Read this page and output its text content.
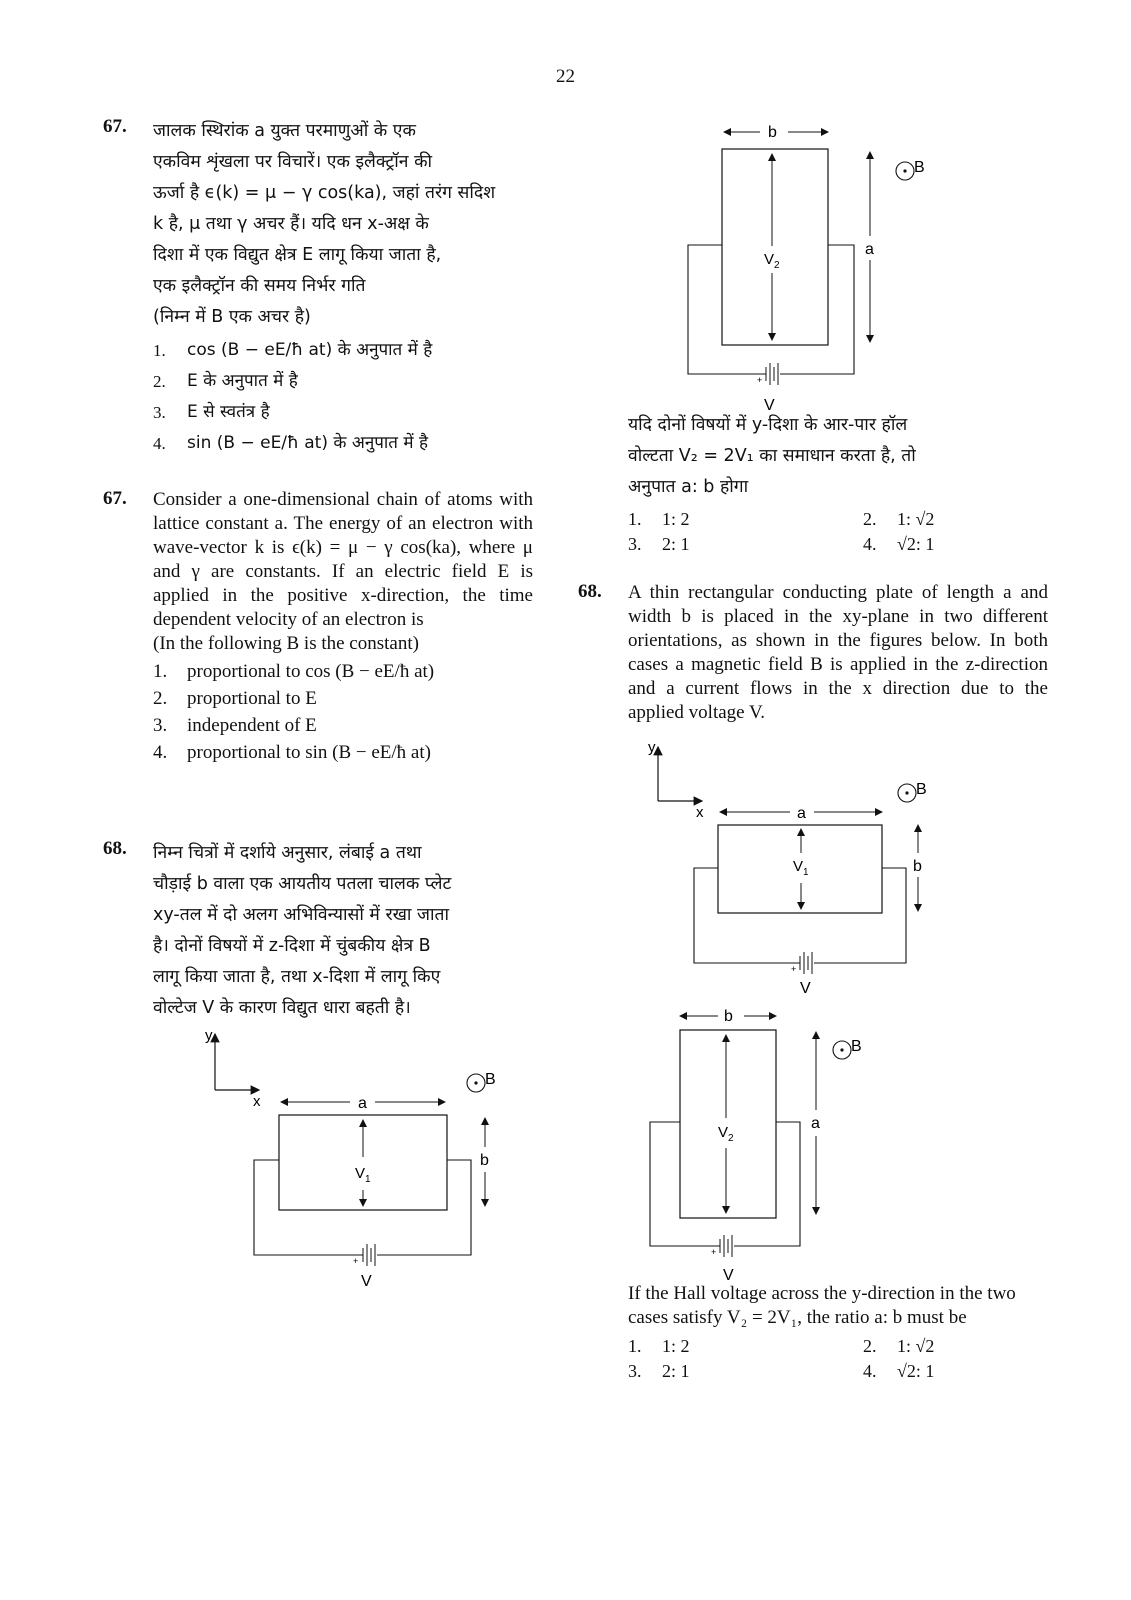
22
67. जालक स्थिरांक a युक्त परमाणुओं के एक
एकविम शृंखला पर विचारें। एक इलैक्ट्रॉन की
ऊर्जा है ϵ(k) = μ − γ cos(ka), जहां तरंग सदिश
k है, μ तथा γ अचर हैं। यदि धन x-अक्ष के
दिशा में एक विद्युत क्षेत्र E लागू किया जाता है,
एक इलैक्ट्रॉन की समय निर्भर गति
(निम्न में B एक अचर है)
1.	cos (B − eE/ħ at) के अनुपात में है
2.	E के अनुपात में है
3.	E से स्वतंत्र है
4.	sin (B − eE/ħ at) के अनुपात में है
67. Consider a one-dimensional chain of atoms with lattice constant a. The energy of an electron with wave-vector k is ϵ(k) = μ − γ cos(ka), where μ and γ are constants. If an electric field E is applied in the positive x-direction, the time dependent velocity of an electron is
(In the following B is the constant)
1.	proportional to cos (B − eE/ħ at)
2.	proportional to E
3.	independent of E
4.	proportional to sin (B − eE/ħ at)
68. निम्न चित्रों में दर्शाये अनुसार, लंबाई a तथा
चौड़ाई b वाला एक आयतीय पतला चालक प्लेट
xy-तल में दो अलग अभिविन्यासों में रखा जाता
है। दोनों विषयों में z-दिशा में चुंबकीय क्षेत्र B
लागू किया जाता है, तथा x-दिशा में लागू किए
वोल्टेज V के कारण विद्युत धारा बहती है।
y
x	a
+
V
$V_1$
b
B
b
+
V
$V_2$
a
B
यदि दोनों विषयों में y-दिशा के आर-पार हॉल
वोल्टता V₂ = 2V₁ का समाधान करता है, तो
अनुपात a: b होगा
1.	1: 2	2.	1: √2
3.	2: 1	4.	√2: 1
68. A thin rectangular conducting plate of length a and width b is placed in the xy-plane in two different orientations, as shown in the figures below. In both cases a magnetic field B is applied in the z-direction and a current flows in the x direction due to the applied voltage V.
y
x	a
+
V
$V_1$	b
B
b
+
V
$V_2$
a
B
If the Hall voltage across the y-direction in the two cases satisfy V₂ = 2V₁, the ratio a: b must be
1.	1: 2	2.	1: √2
3.	2: 1	4.	√2: 1
